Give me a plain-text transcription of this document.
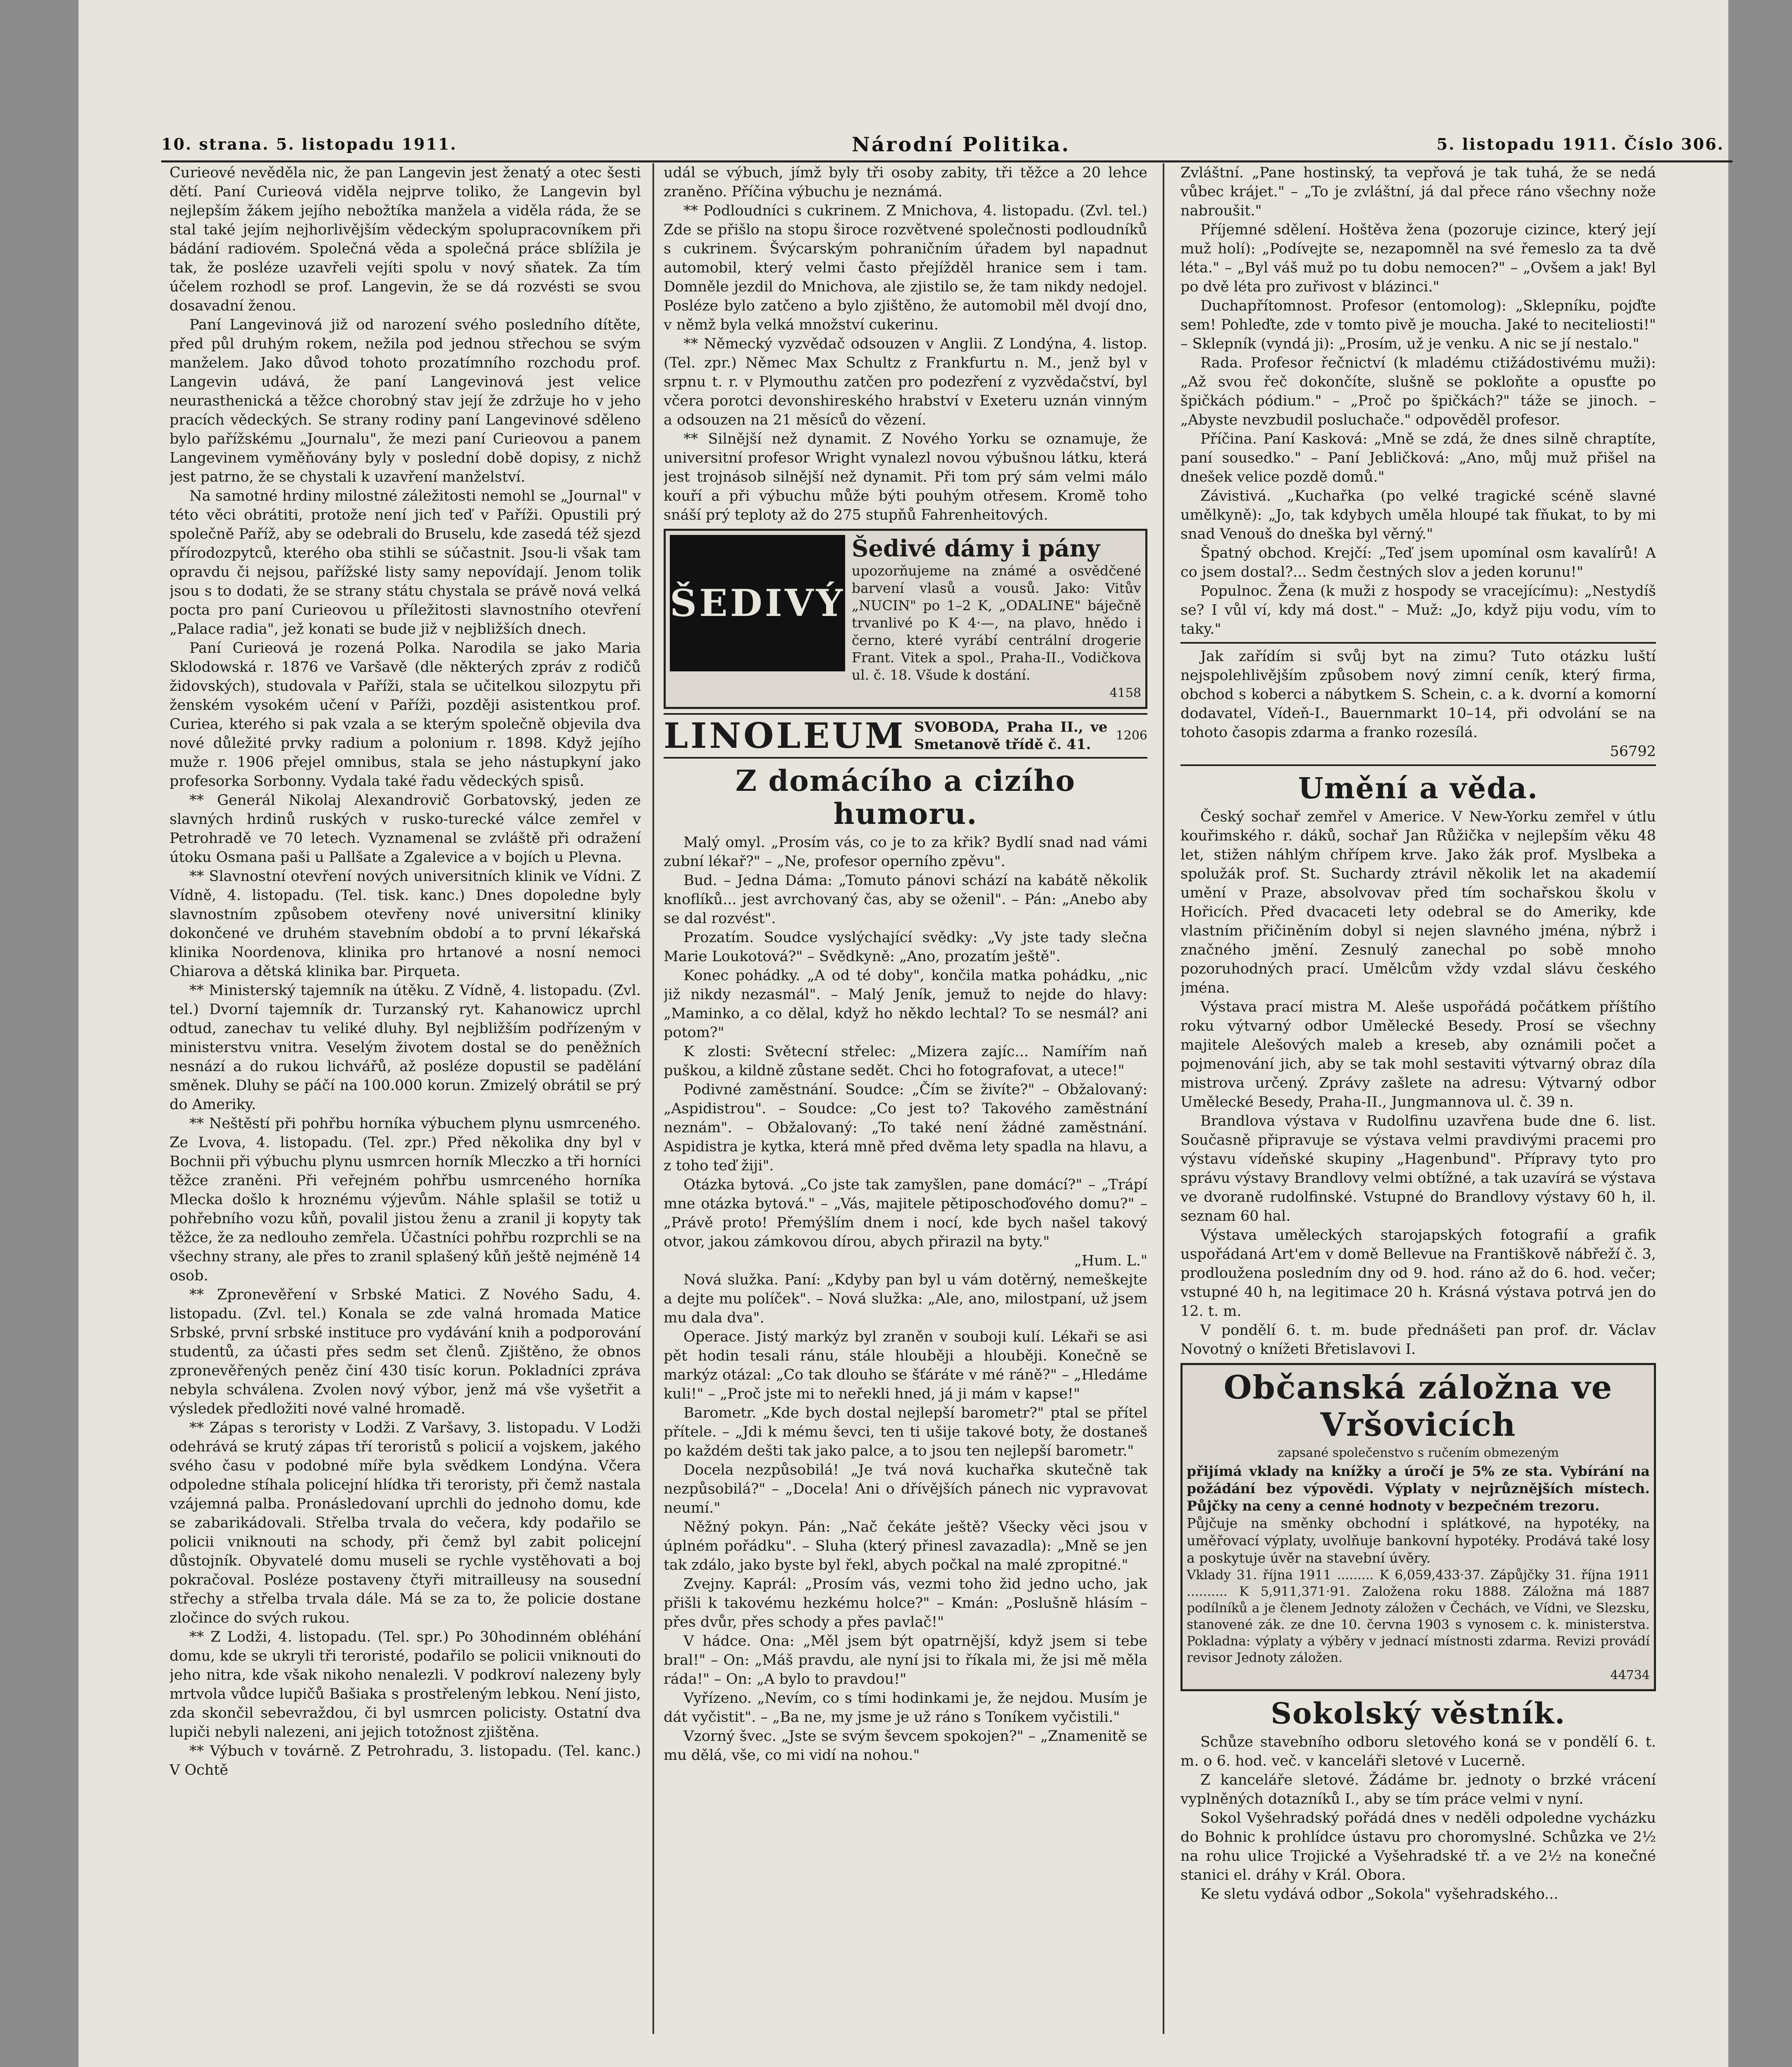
10. strana. 5. listopadu 1911.	Národní Politika.	5. listopadu 1911. Číslo 306.

Curieové nevěděla nic, že pan Langevin jest ženatý a otec šesti dětí. Paní Curieová viděla nejprve toliko, že Langevin byl nejlepším žákem jejího nebožtíka manžela a viděla ráda, že se stal také jejím nejhorlivějším vědeckým spolupracovníkem při bádání radiovém. Společná věda a společná práce sblížila je tak, že posléze uzavřeli vejíti spolu v nový sňatek. Za tím účelem rozhodl se prof. Langevin, že se dá rozvésti se svou dosavadní ženou.

Paní Langevinová již od narození svého posledního dítěte, před půl druhým rokem, nežila pod jednou střechou se svým manželem. Jako důvod tohoto prozatímního rozchodu prof. Langevin udává, že paní Langevinová jest velice neurasthenická a těžce chorobný stav její že zdržuje ho v jeho pracích vědeckých. Se strany rodiny paní Langevinové sděleno bylo pařížskému „Journalu", že mezi paní Curieovou a panem Langevinem vyměňovány byly v poslední době dopisy, z nichž jest patrno, že se chystali k uzavření manželství.

Na samotné hrdiny milostné záležitosti nemohl se „Journal" v této věci obrátiti, protože není jich teď v Paříži. Opustili prý společně Paříž, aby se odebrali do Bruselu, kde zasedá též sjezd přírodozpytců, kterého oba stihli se súčastnit. Jsou-li však tam opravdu či nejsou, pařížské listy samy nepovídají. Jenom tolik jsou s to dodati, že se strany státu chystala se právě nová velká pocta pro paní Curieovou u příležitosti slavnostního otevření „Palace radia", jež konati se bude již v nejbližších dnech.

Paní Curieová je rozená Polka. Narodila se jako Maria Sklodowská r. 1876 ve Varšavě (dle některých zpráv z rodičů židovských), studovala v Paříži, stala se učitelkou silozpytu při ženském vysokém učení v Paříži, později asistentkou prof. Curiea, kterého si pak vzala a se kterým společně objevila dva nové důležité prvky radium a polonium r. 1898. Když jejího muže r. 1906 přejel omnibus, stala se jeho nástupkyní jako profesorka Sorbonny. Vydala také řadu vědeckých spisů.

** Generál Nikolaj Alexandrovič Gorbatovský, jeden ze slavných hrdinů ruských v rusko-turecké válce zemřel v Petrohradě ve 70 letech. Vyznamenal se zvláště při odražení útoku Osmana paši u Pallšate a Zgalevice a v bojích u Plevna.

** Slavnostní otevření nových universitních klinik ve Vídni. Z Vídně, 4. listopadu. (Tel. tisk. kanc.) Dnes dopoledne byly slavnostním způsobem otevřeny nové universitní kliniky dokončené ve druhém stavebním období a to první lékařská klinika Noordenova, klinika pro hrtanové a nosní nemoci Chiarova a dětská klinika bar. Pirqueta.

** Ministerský tajemník na útěku. Z Vídně, 4. listopadu. (Zvl. tel.) Dvorní tajemník dr. Turzanský ryt. Kahanowicz uprchl odtud, zanechav tu veliké dluhy. Byl nejbližším podřízeným v ministerstvu vnitra. Veselým životem dostal se do peněžních nesnází a do rukou lichvářů, až posléze dopustil se padělání směnek. Dluhy se páčí na 100.000 korun. Zmizelý obrátil se prý do Ameriky.

** Neštěstí při pohřbu horníka výbuchem plynu usmrceného. Ze Lvova, 4. listopadu. (Tel. zpr.) Před několika dny byl v Bochnii při výbuchu plynu usmrcen horník Mleczko a tři horníci těžce zraněni. Při veřejném pohřbu usmrceného horníka Mlecka došlo k hroznému výjevům. Náhle splašil se totiž u pohřebního vozu kůň, povalil jistou ženu a zranil ji kopyty tak těžce, že za nedlouho zemřela. Účastníci pohřbu rozprchli se na všechny strany, ale přes to zranil splašený kůň ještě nejméně 14 osob.

** Zpronevěření v Srbské Matici. Z Nového Sadu, 4. listopadu. (Zvl. tel.) Konala se zde valná hromada Matice Srbské, první srbské instituce pro vydávání knih a podporování studentů, za účasti přes sedm set členů. Zjištěno, že obnos zpronevěřených peněz činí 430 tisíc korun. Pokladníci zpráva nebyla schválena. Zvolen nový výbor, jenž má vše vyšetřit a výsledek předložiti nové valné hromadě.

** Zápas s teroristy v Lodži. Z Varšavy, 3. listopadu. V Lodži odehrává se krutý zápas tří teroristů s policií a vojskem, jakého svého času v podobné míře byla svědkem Londýna. Včera odpoledne stíhala policejní hlídka tři teroristy, při čemž nastala vzájemná palba. Pronásledovaní uprchli do jednoho domu, kde se zabarikádovali. Střelba trvala do večera, kdy podařilo se policii vniknouti na schody, při čemž byl zabit policejní důstojník. Obyvatelé domu museli se rychle vystěhovati a boj pokračoval. Posléze postaveny čtyři mitrailleusy na sousední střechy a střelba trvala dále. Má se za to, že policie dostane zločince do svých rukou.

** Z Lodži, 4. listopadu. (Tel. spr.) Po 30hodinném obléhání domu, kde se ukryli tři teroristé, podařilo se policii vniknouti do jeho nitra, kde však nikoho nenalezli. V podkroví nalezeny byly mrtvola vůdce lupičů Bašiaka s prostřeleným lebkou. Není jisto, zda skončil sebevraždou, či byl usmrcen policisty. Ostatní dva lupiči nebyli nalezeni, ani jejich totožnost zjištěna.

** Výbuch v továrně. Z Petrohradu, 3. listopadu. (Tel. kanc.) V Ochtě

udál se výbuch, jímž byly tři osoby zabity, tři těžce a 20 lehce zraněno. Příčina výbuchu je neznámá.

** Podloudníci s cukrinem. Z Mnichova, 4. listopadu. (Zvl. tel.) Zde se přišlo na stopu široce rozvětvené společnosti podloudníků s cukrinem. Švýcarským pohraničním úřadem byl napadnut automobil, který velmi často přejížděl hranice sem i tam. Domněle jezdil do Mnichova, ale zjistilo se, že tam nikdy nedojel. Posléze bylo zatčeno a bylo zjištěno, že automobil měl dvojí dno, v němž byla velká množství cukerinu.

** Německý vyzvědač odsouzen v Anglii. Z Londýna, 4. listop. (Tel. zpr.) Němec Max Schultz z Frankfurtu n. M., jenž byl v srpnu t. r. v Plymouthu zatčen pro podezření z vyzvědačství, byl včera porotci devonshireského hrabství v Exeteru uznán vinným a odsouzen na 21 měsíců do vězení.

** Silnější než dynamit. Z Nového Yorku se oznamuje, že universitní profesor Wright vynalezl novou výbušnou látku, která jest trojnásob silnější než dynamit. Při tom prý sám velmi málo kouří a při výbuchu může býti pouhým otřesem. Kromě toho snáší prý teploty až do 275 stupňů Fahrenheitových.

ŠEDIVÝ
Šedivé dámy i pány
upozorňujeme na známé a osvědčené barvení vlasů a vousů. Jako: Vitův „NUCIN" po 1–2 K, „ODALINE" báječně trvanlivé po K 4·—, na plavo, hnědo i černo, které vyrábí centrální drogerie Frant. Vitek a spol., Praha-II., Vodičkova ul. č. 18. Všude k dostání.
4158
LINOLEUM SVOBODA, Praha II., ve Smetanově třídě č. 41.
1206
Z domácího a cizího humoru.

Malý omyl. „Prosím vás, co je to za křik? Bydlí snad nad vámi zubní lékař?" – „Ne, profesor operního zpěvu".

Bud. – Jedna Dáma: „Tomuto pánovi schází na kabátě několik knoflíků... jest avrchovaný čas, aby se oženil". – Pán: „Anebo aby se dal rozvést".

Prozatím. Soudce vyslýchající svědky: „Vy jste tady slečna Marie Loukotová?" – Svědkyně: „Ano, prozatím ještě".

Konec pohádky. „A od té doby", končila matka pohádku, „nic již nikdy nezasmál". – Malý Jeník, jemuž to nejde do hlavy: „Maminko, a co dělal, když ho někdo lechtal? To se nesmál? ani potom?"

K zlosti: Světecní střelec: „Mizera zajíc... Namířím naň puškou, a kildně zůstane sedět. Chci ho fotografovat, a utece!"

Podivné zaměstnání. Soudce: „Čím se živíte?" – Obžalovaný: „Aspidistrou". – Soudce: „Co jest to? Takového zaměstnání neznám". – Obžalovaný: „To také není žádné zaměstnání. Aspidistra je kytka, která mně před dvěma lety spadla na hlavu, a z toho teď žiji".

Otázka bytová. „Co jste tak zamyšlen, pane domácí?" – „Trápí mne otázka bytová." – „Vás, majitele pětiposchoďového domu?" – „Právě proto! Přemýšlím dnem i nocí, kde bych našel takový otvor, jakou zámkovou dírou, abych přirazil na byty."

„Hum. L."

Nová služka. Paní: „Kdyby pan byl u vám dotěrný, nemeškejte a dejte mu políček". – Nová služka: „Ale, ano, milostpaní, už jsem mu dala dva".

Operace. Jistý markýz byl zraněn v souboji kulí. Lékaři se asi pět hodin tesali ránu, stále hlouběji a hlouběji. Konečně se markýz otázal: „Co tak dlouho se šťáráte v mé ráně?" – „Hledáme kuli!" – „Proč jste mi to neřekli hned, já ji mám v kapse!"

Barometr. „Kde bych dostal nejlepší barometr?" ptal se přítel přítele. – „Jdi k mému ševci, ten ti ušije takové boty, že dostaneš po každém dešti tak jako palce, a to jsou ten nejlepší barometr."

Docela nezpůsobilá! „Je tvá nová kuchařka skutečně tak nezpůsobilá?" – „Docela! Ani o dřívějších pánech nic vypravovat neumí."

Něžný pokyn. Pán: „Nač čekáte ještě? Všecky věci jsou v úplném pořádku". – Sluha (který přinesl zavazadla): „Mně se jen tak zdálo, jako byste byl řekl, abych počkal na malé zpropitné."

Zvejny. Kaprál: „Prosím vás, vezmi toho žid jedno ucho, jak přišli k takovému hezkému holce?" – Kmán: „Poslušně hlásím – přes dvůr, přes schody a přes pavlač!"

V hádce. Ona: „Měl jsem být opatrnější, když jsem si tebe bral!" – On: „Máš pravdu, ale nyní jsi to říkala mi, že jsi mě měla ráda!" – On: „A bylo to pravdou!"

Vyřízeno. „Nevím, co s tími hodinkami je, že nejdou. Musím je dát vyčistit". – „Ba ne, my jsme je už ráno s Toníkem vyčistili."

Vzorný švec. „Jste se svým ševcem spokojen?" – „Znamenitě se mu dělá, vše, co mi vidí na nohou."

Zvláštní. „Pane hostinský, ta vepřová je tak tuhá, že se nedá vůbec krájet." – „To je zvláštní, já dal přece ráno všechny nože nabroušit."

Příjemné sdělení. Hoštěva žena (pozoruje cizince, který její muž holí): „Podívejte se, nezapomněl na své řemeslo za ta dvě léta." – „Byl váš muž po tu dobu nemocen?" – „Ovšem a jak! Byl po dvě léta pro zuřivost v blázinci."

Duchapřítomnost. Profesor (entomolog): „Sklepníku, pojďte sem! Pohleďte, zde v tomto pivě je moucha. Jaké to neciteliosti!" – Sklepník (vyndá ji): „Prosím, už je venku. A nic se jí nestalo."

Rada. Profesor řečnictví (k mladému ctižádostivému muži): „Až svou řeč dokončíte, slušně se pokloňte a opusťte po špičkách pódium." – „Proč po špičkách?" táže se jinoch. – „Abyste nevzbudil posluchače." odpověděl profesor.

Příčina. Paní Kasková: „Mně se zdá, že dnes silně chraptíte, paní sousedko." – Paní Jebličková: „Ano, můj muž přišel na dnešek velice pozdě domů."

Závistivá. „Kuchařka (po velké tragické scéně slavné umělkyně): „Jo, tak kdybych uměla hloupé tak fňukat, to by mi snad Venouš do dneška byl věrný."

Špatný obchod. Krejčí: „Teď jsem upomínal osm kavalírů! A co jsem dostal?... Sedm čestných slov a jeden korunu!"

Populnoc. Žena (k muži z hospody se vracejícímu): „Nestydíš se? I vůl ví, kdy má dost." – Muž: „Jo, když piju vodu, vím to taky."

Jak zařídím si svůj byt na zimu? Tuto otázku luští nejspolehlivějším způsobem nový zimní ceník, který firma, obchod s koberci a nábytkem S. Schein, c. a k. dvorní a komorní dodavatel, Vídeň-I., Bauernmarkt 10–14, při odvolání se na tohoto časopis zdarma a franko rozesílá.

56792

Umění a věda.

Český sochař zemřel v Americe. V New-Yorku zemřel v útlu kouřimského r. dáků, sochař Jan Růžička v nejlepším věku 48 let, stižen náhlým chřípem krve. Jako žák prof. Myslbeka a spolužák prof. St. Suchardy ztrávil několik let na akademií umění v Praze, absolvovav před tím sochařskou školu v Hořicích. Před dvacaceti lety odebral se do Ameriky, kde vlastním přičiněním dobyl si nejen slavného jména, nýbrž i značného jmění. Zesnulý zanechal po sobě mnoho pozoruhodných prací. Umělcům vždy vzdal slávu českého jména.

Výstava prací mistra M. Aleše uspořádá počátkem příštího roku výtvarný odbor Umělecké Besedy. Prosí se všechny majitele Alešových maleb a kreseb, aby oznámili počet a pojmenování jich, aby se tak mohl sestaviti výtvarný obraz díla mistrova určený. Zprávy zašlete na adresu: Výtvarný odbor Umělecké Besedy, Praha-II., Jungmannova ul. č. 39 n.

Brandlova výstava v Rudolfinu uzavřena bude dne 6. list. Současně připravuje se výstava velmi pravdivými pracemi pro výstavu vídeňské skupiny „Hagenbund". Přípravy tyto pro správu výstavy Brandlovy velmi obtížné, a tak uzavírá se výstava ve dvoraně rudolfinské. Vstupné do Brandlovy výstavy 60 h, il. seznam 60 hal.

Výstava uměleckých starojapských fotografií a grafik uspořádaná Art'em v domě Bellevue na Františkově nábřeží č. 3, prodloužena posledním dny od 9. hod. ráno až do 6. hod. večer; vstupné 40 h, na legitimace 20 h. Krásná výstava potrvá jen do 12. t. m.

V pondělí 6. t. m. bude přednášeti pan prof. dr. Václav Novotný o knížeti Břetislavovi I.

Občanská záložna ve Vršovicích
zapsané společenstvo s ručením obmezeným
přijímá vklady na knížky a úročí je 5% ze sta. Vybírání na požádání bez výpovědi. Výplaty v nejrůznějších místech. Půjčky na ceny a cenné hodnoty v bezpečném trezoru.
Půjčuje na směnky obchodní i splátkové, na hypotéky, na uměřovací výplaty, uvolňuje bankovní hypotéky. Prodává také losy a poskytuje úvěr na stavební úvěry.
Vklady 31. října 1911 ......... K 6,059,433·37. Zápůjčky 31. října 1911 .......... K 5,911,371·91. Založena roku 1888. Záložna má 1887 podílníků a je členem Jednoty záložen v Čechách, ve Vídni, ve Slezsku, stanovené zák. ze dne 10. června 1903 s vynosem c. k. ministerstva. Pokladna: výplaty a výběry v jednací místnosti zdarma. Revizi provádí revisor Jednoty záložen.
44734
Sokolský věstník.

Schůze stavebního odboru sletového koná se v pondělí 6. t. m. o 6. hod. več. v kanceláři sletové v Lucerně.

Z kanceláře sletové. Žádáme br. jednoty o brzké vrácení vyplněných dotazníků I., aby se tím práce velmi v nyní.

Sokol Vyšehradský pořádá dnes v neděli odpoledne vycházku do Bohnic k prohlídce ústavu pro choromyslné. Schůzka ve 2½ na rohu ulice Trojické a Vyšehradské tř. a ve 2½ na konečné stanici el. dráhy v Král. Obora.

Ke sletu vydává odbor „Sokola" vyšehradského...
